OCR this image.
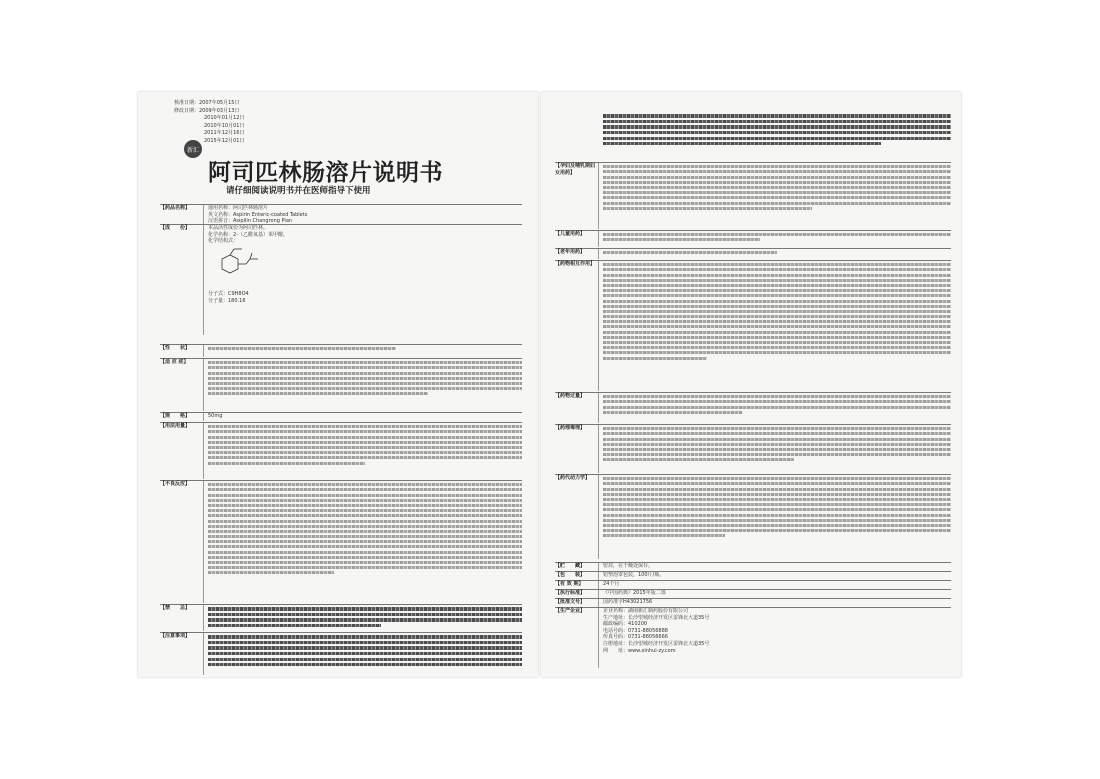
核准日期：2007年05月15日
修改日期：2009年03月13日
2010年01月12日
2010年10月01日
2011年12月16日
2015年12月01日
新汇
阿司匹林肠溶片说明书
请仔细阅读说明书并在医师指导下使用
【药品名称】	通用名称：阿司匹林肠溶片
英文名称：Aspirin Enteric-coated Tablets
汉语拼音：Asipilin Changrong Pian
【成　　份】	本品活性成份为阿司匹林。
化学名称：2-（乙酰氧基）苯甲酸。
化学结构式：
分子式：C9H8O4
分子量：180.16
【性　　状】
【适 应 症】
【规　　格】	50mg
【用法用量】
【不良反应】
【禁　　忌】
【注意事项】
【孕妇及哺乳期妇女用药】
【儿童用药】
【老年用药】
【药物相互作用】
【药物过量】
【药理毒理】
【药代动力学】
【贮　　藏】	密封，在干燥处保存。
【包　　装】	铝塑泡罩包装，100片/瓶。
【有 效 期】	24个月
【执行标准】	《中国药典》2015年版二部
【批准文号】	国药准字H43021756
【生产企业】	企业名称：湖南新汇制药股份有限公司
生产地址：长沙望城经济开发区雷锋北大道35号
邮政编码：410200
电话号码：0731-88056888
传真号码：0731-88056666
注册地址：长沙望城经济开发区雷锋北大道35号
网　　址：www.xinhui-zy.com
